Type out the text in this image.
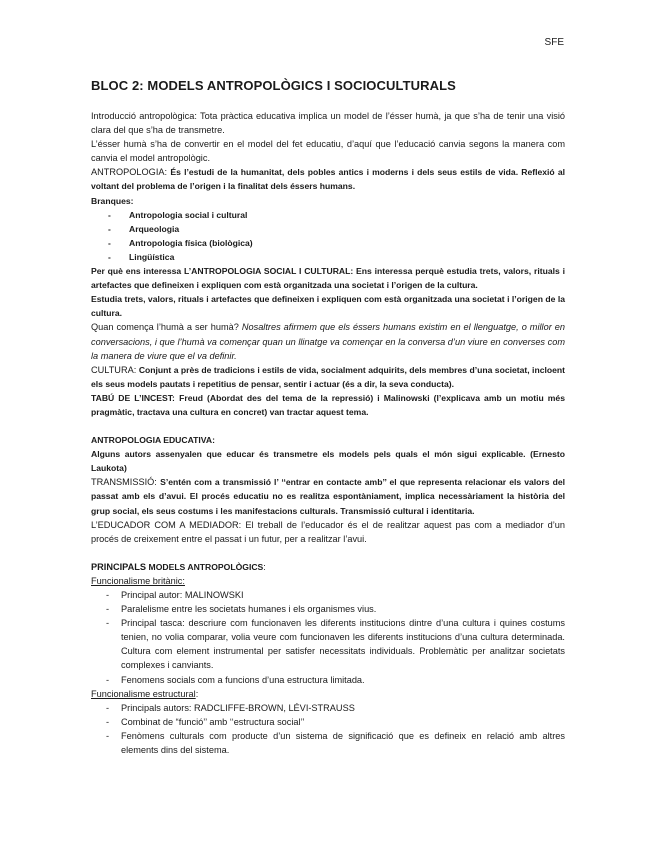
SFE
BLOC 2: MODELS ANTROPOLÒGICS I SOCIOCULTURALS

Introducció antropològica: Tota pràctica educativa implica un model de l’ésser humà, ja que s’ha de tenir una visió clara del que s’ha de transmetre.

L’ésser humà s’ha de convertir en el model del fet educatiu, d’aquí que l’educació canvia segons la manera com canvia el model antropològic.

ANTROPOLOGIA: És l’estudi de la humanitat, dels pobles antics i moderns i dels seus estils de vida. Reflexió al voltant del problema de l’origen i la finalitat dels éssers humans.

Branques:

- Antropologia social i cultural
- Arqueologia
- Antropologia física (biològica)
- Lingüística

Per què ens interessa L’ANTROPOLOGIA SOCIAL I CULTURAL: Ens interessa perquè estudia trets, valors, rituals i artefactes que defineixen i expliquen com està organitzada una societat i l’origen de la cultura.

Estudia trets, valors, rituals i artefactes que defineixen i expliquen com està organitzada una societat i l’origen de la cultura.

Quan comença l’humà a ser humà? Nosaltres afirmem que els éssers humans existim en el llenguatge, o millor en conversacions, i que l’humà va començar quan un llinatge va començar en la conversa d’un viure en converses com la manera de viure que el va definir.

CULTURA: Conjunt a près de tradicions i estils de vida, socialment adquirits, dels membres d’una societat, incloent els seus models pautats i repetitius de pensar, sentir i actuar (és a dir, la seva conducta).

TABÚ DE L’INCEST: Freud (Abordat des del tema de la repressió) i Malinowski (l’explicava amb un motiu més pragmàtic, tractava una cultura en concret) van tractar aquest tema.

ANTROPOLOGIA EDUCATIVA:

Alguns autors assenyalen que educar és transmetre els models pels quals el món sigui explicable. (Ernesto Laukota)

TRANSMISSIÓ: S’entén com a transmissió l’ ‘‘entrar en contacte amb’’ el que representa relacionar els valors del passat amb els d’avui. El procés educatiu no es realitza espontàniament, implica necessàriament la història del grup social, els seus costums i les manifestacions culturals. Transmissió cultural i identitaria.

L’EDUCADOR COM A MEDIADOR: El treball de l’educador és el de realitzar aquest pas com a mediador d’un procés de creixement entre el passat i un futur, per a realitzar l’avui.

PRINCIPALS MODELS ANTROPOLÒGICS:

Funcionalisme britànic:

- Principal autor: MALINOWSKI
- Paralelisme entre les societats humanes i els organismes vius.
- Principal tasca: descriure com funcionaven les diferents institucions dintre d’una cultura i quines costums tenien, no volia comparar, volia veure com funcionaven les diferents institucions d’una cultura determinada. Cultura com element instrumental per satisfer necessitats individuals. Problemàtic per analitzar societats complexes i canviants.
- Fenomens socials com a funcions d’una estructura limitada.

Funcionalisme estructural:

- Principals autors: RADCLIFFE-BROWN, LÉVI-STRAUSS
- Combinat de “funció’’ amb ‘‘estructura social’’
- Fenòmens culturals com producte d’un sistema de significació que es defineix en relació amb altres elements dins del sistema.
